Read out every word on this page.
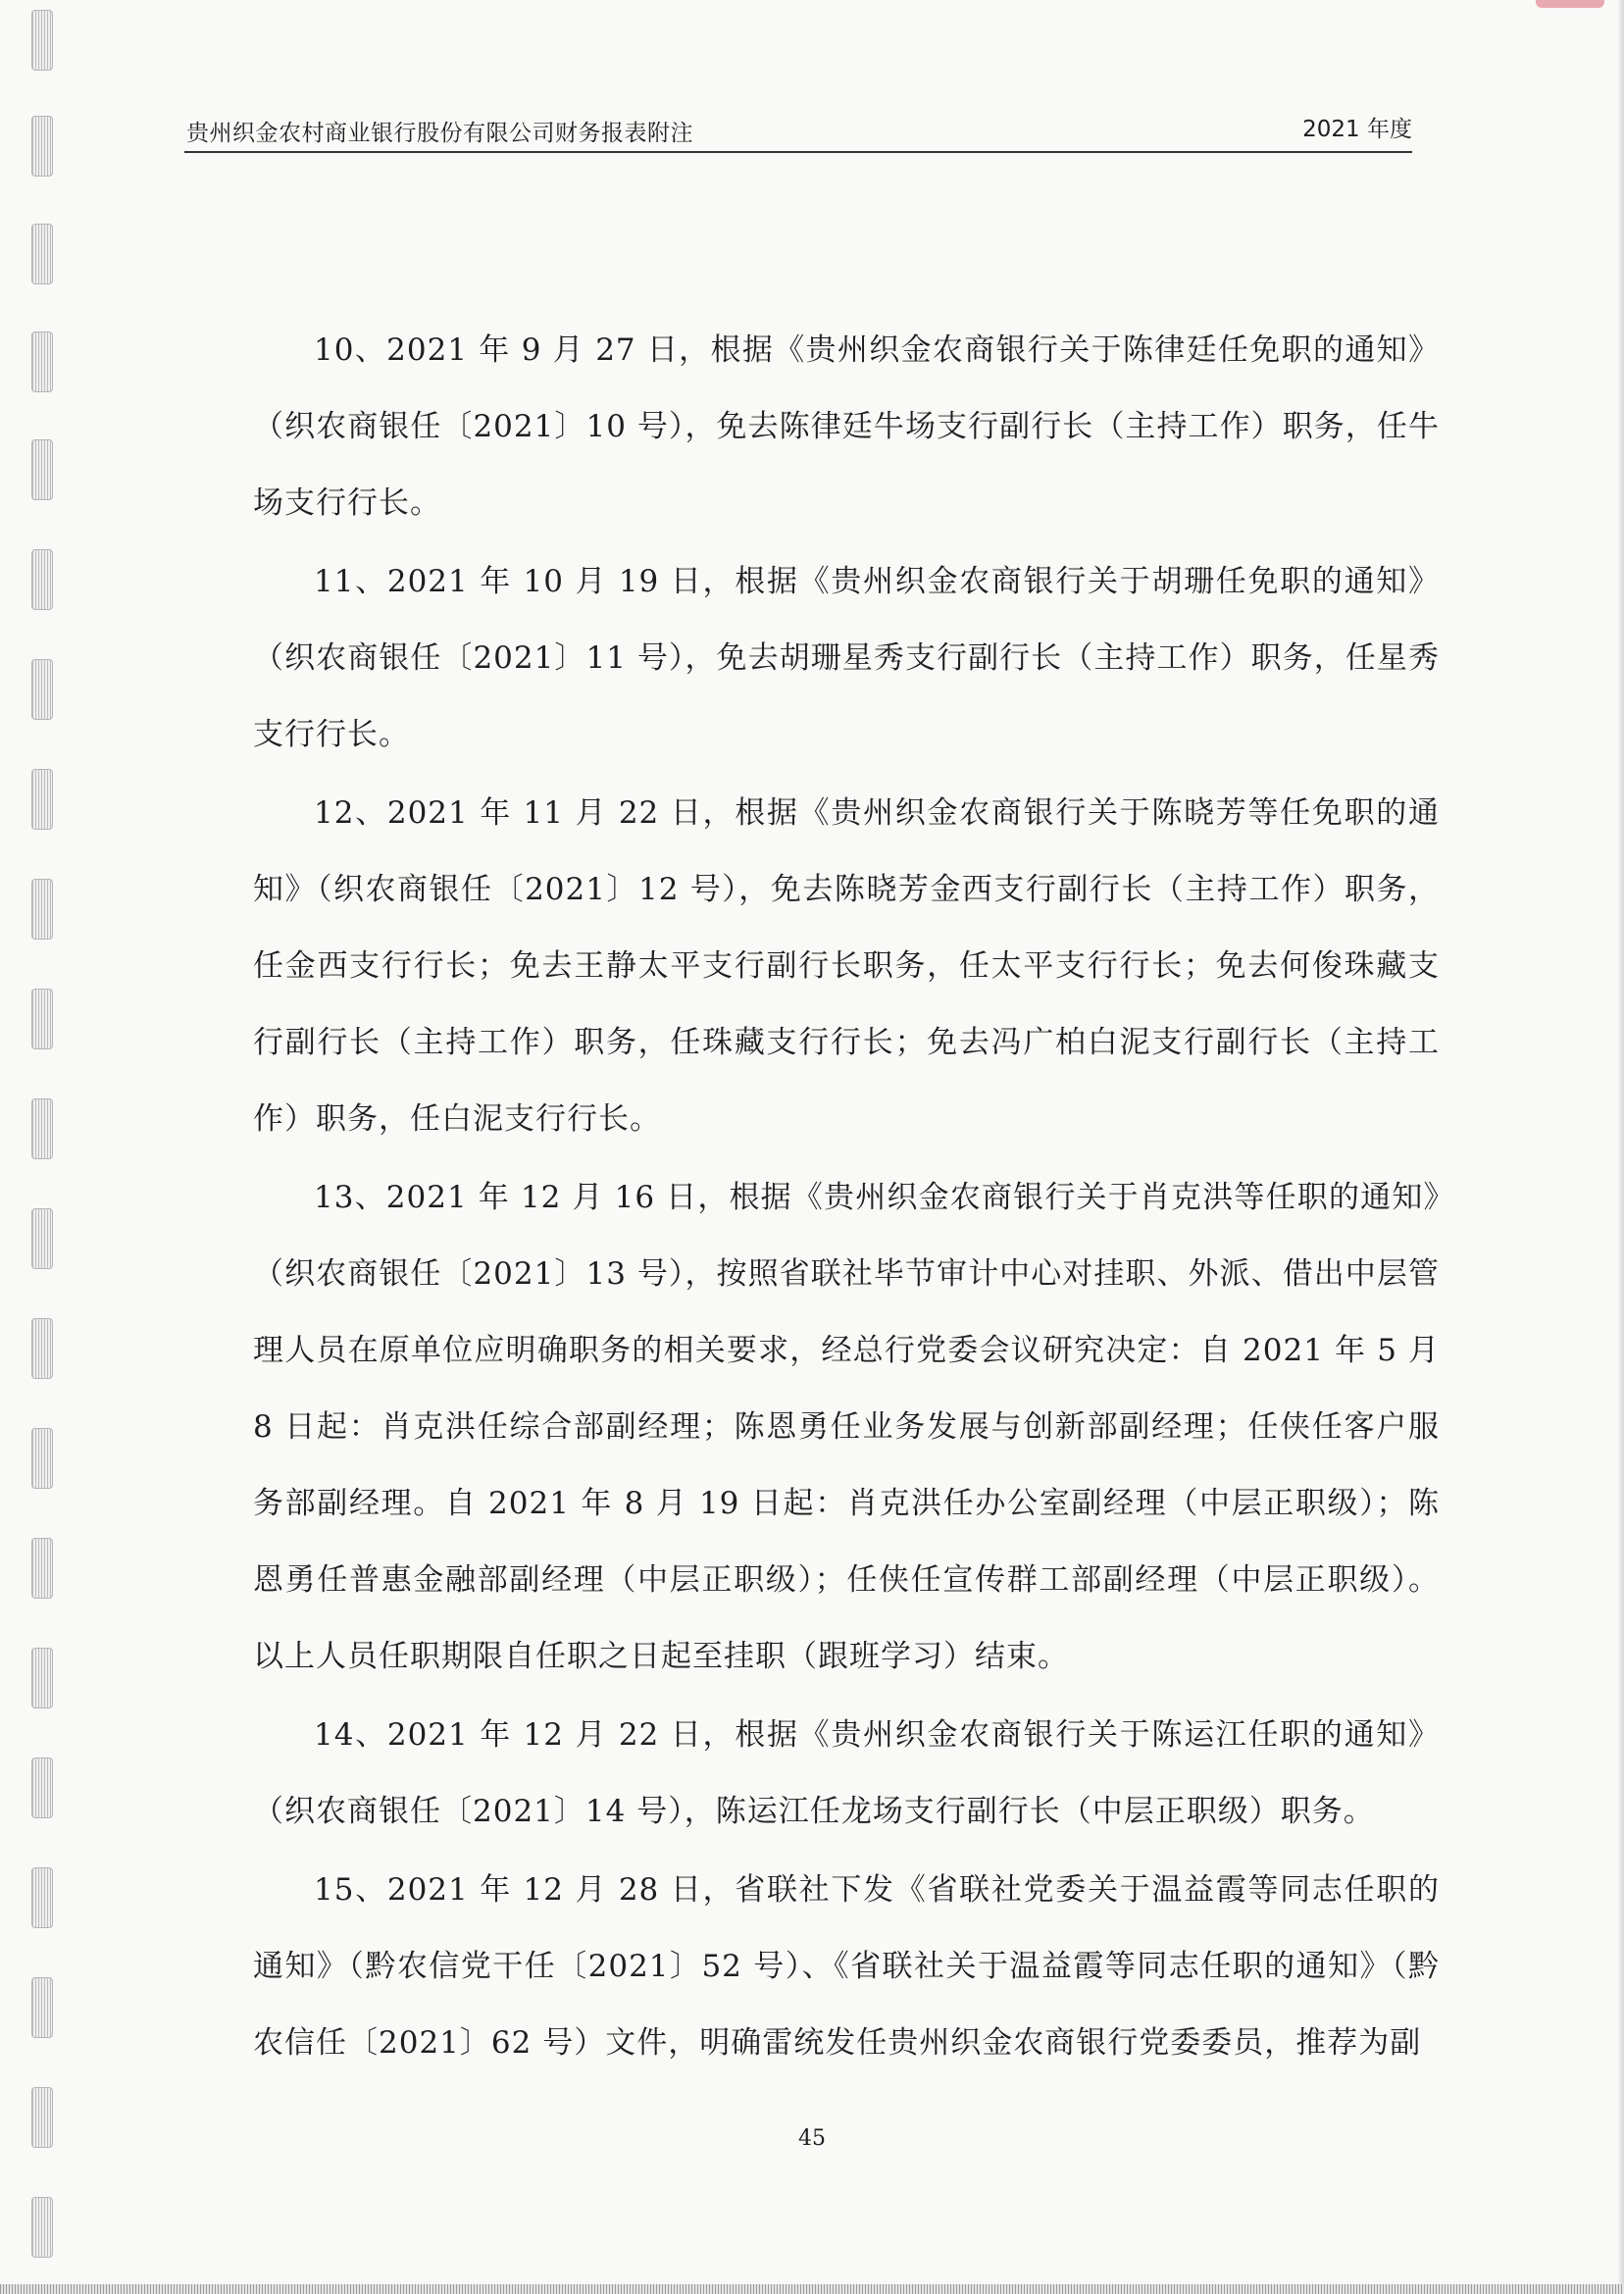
贵州织金农村商业银行股份有限公司财务报表附注	2021 年度

10、2021 年 9 月 27 日，根据《贵州织金农商银行关于陈律廷任免职的通知》（织农商银任〔2021〕10 号），免去陈律廷牛场支行副行长（主持工作）职务，任牛场支行行长。

11、2021 年 10 月 19 日，根据《贵州织金农商银行关于胡珊任免职的通知》（织农商银任〔2021〕11 号），免去胡珊星秀支行副行长（主持工作）职务，任星秀支行行长。

12、2021 年 11 月 22 日，根据《贵州织金农商银行关于陈晓芳等任免职的通知》（织农商银任〔2021〕12 号），免去陈晓芳金西支行副行长（主持工作）职务，任金西支行行长；免去王静太平支行副行长职务，任太平支行行长；免去何俊珠藏支行副行长（主持工作）职务，任珠藏支行行长；免去冯广柏白泥支行副行长（主持工作）职务，任白泥支行行长。

13、2021 年 12 月 16 日，根据《贵州织金农商银行关于肖克洪等任职的通知》（织农商银任〔2021〕13 号），按照省联社毕节审计中心对挂职、外派、借出中层管理人员在原单位应明确职务的相关要求，经总行党委会议研究决定：自 2021 年 5 月 8 日起：肖克洪任综合部副经理；陈恩勇任业务发展与创新部副经理；任侠任客户服务部副经理。自 2021 年 8 月 19 日起：肖克洪任办公室副经理（中层正职级）；陈恩勇任普惠金融部副经理（中层正职级）；任侠任宣传群工部副经理（中层正职级）。以上人员任职期限自任职之日起至挂职（跟班学习）结束。

14、2021 年 12 月 22 日，根据《贵州织金农商银行关于陈运江任职的通知》（织农商银任〔2021〕14 号），陈运江任龙场支行副行长（中层正职级）职务。

15、2021 年 12 月 28 日，省联社下发《省联社党委关于温益霞等同志任职的通知》（黔农信党干任〔2021〕52 号）、《省联社关于温益霞等同志任职的通知》（黔农信任〔2021〕62 号）文件，明确雷统发任贵州织金农商银行党委委员，推荐为副

45
